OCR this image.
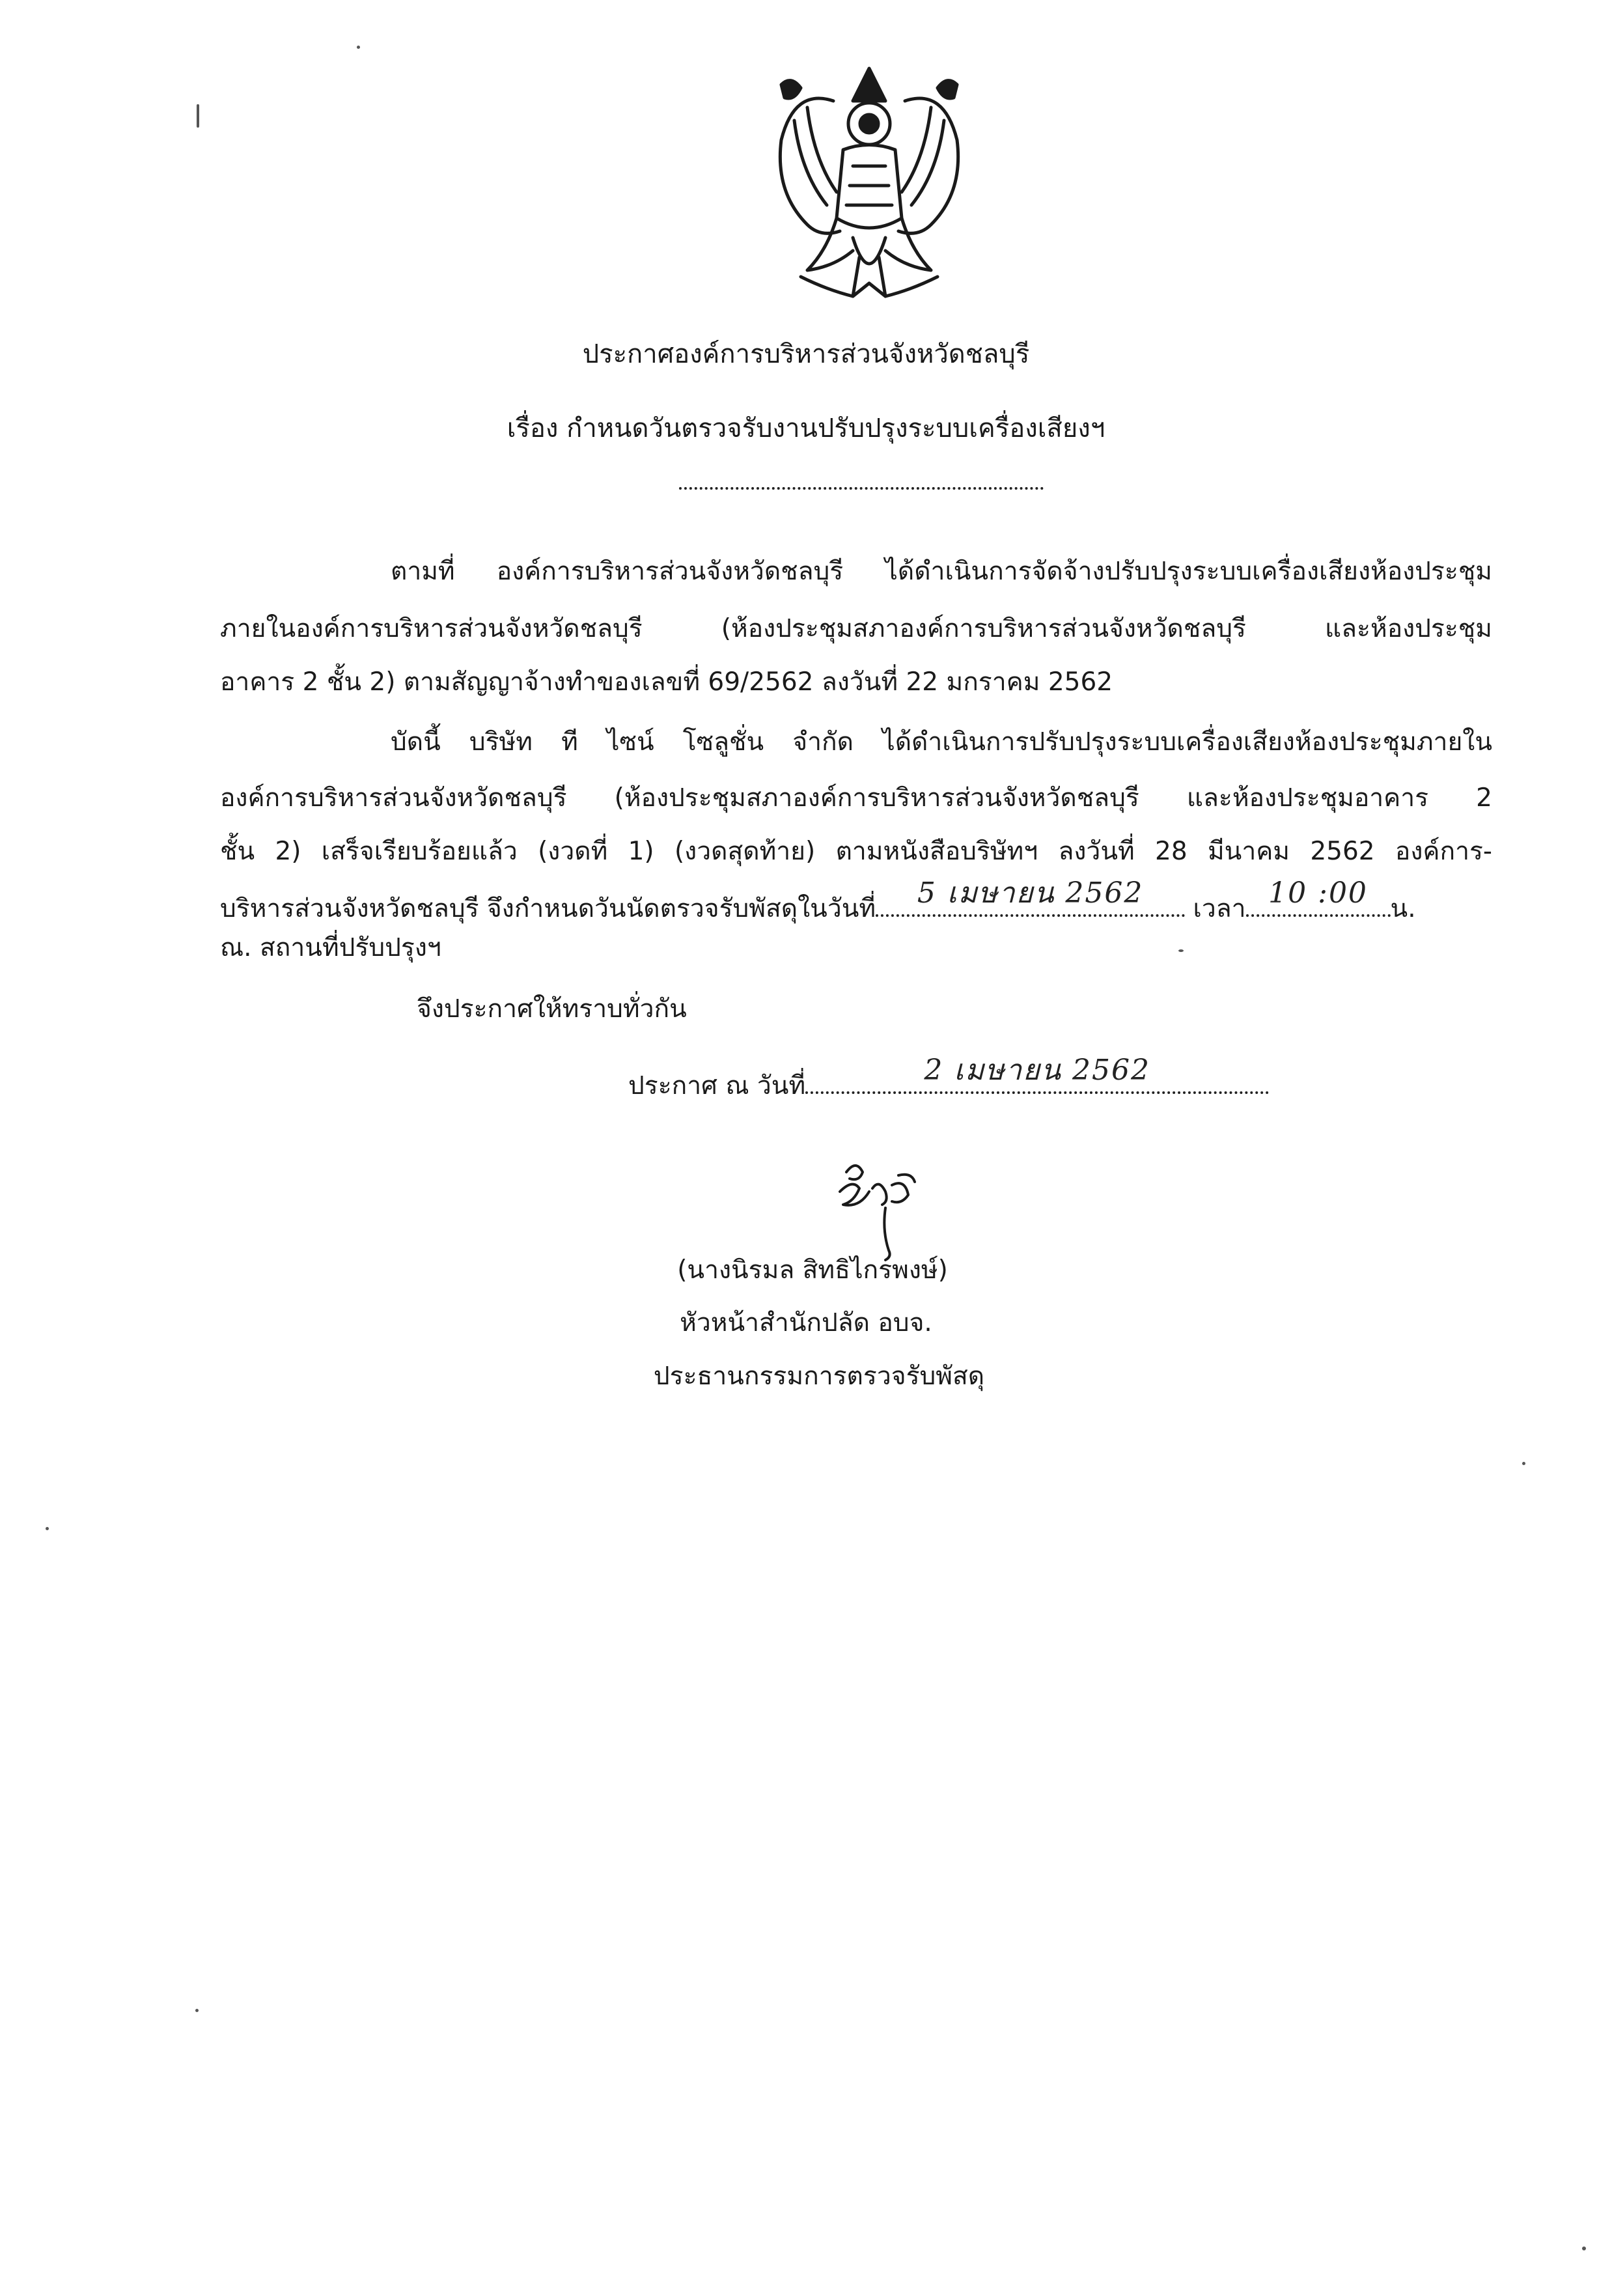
ประกาศองค์การบริหารส่วนจังหวัดชลบุรี
เรื่อง กำหนดวันตรวจรับงานปรับปรุงระบบเครื่องเสียงฯ
ตามที่ องค์การบริหารส่วนจังหวัดชลบุรี ได้ดำเนินการจัดจ้างปรับปรุงระบบเครื่องเสียงห้องประชุม
ภายในองค์การบริหารส่วนจังหวัดชลบุรี (ห้องประชุมสภาองค์การบริหารส่วนจังหวัดชลบุรี และห้องประชุม
อาคาร 2 ชั้น 2) ตามสัญญาจ้างทำของเลขที่ 69/2562 ลงวันที่ 22 มกราคม 2562
บัดนี้ บริษัท ที ไซน์ โซลูชั่น จำกัด ได้ดำเนินการปรับปรุงระบบเครื่องเสียงห้องประชุมภายใน
องค์การบริหารส่วนจังหวัดชลบุรี (ห้องประชุมสภาองค์การบริหารส่วนจังหวัดชลบุรี และห้องประชุมอาคาร 2
ชั้น 2) เสร็จเรียบร้อยแล้ว (งวดที่ 1) (งวดสุดท้าย) ตามหนังสือบริษัทฯ ลงวันที่ 28 มีนาคม 2562 องค์การ-
บริหารส่วนจังหวัดชลบุรี จึงกำหนดวันนัดตรวจรับพัสดุในวันที่	5 เมษายน 2562	เวลา 10 :00 น.
ณ. สถานที่ปรับปรุงฯ
จึงประกาศให้ทราบทั่วกัน
ประกาศ ณ วันที่	2 เมษายน 2562
(นางนิรมล สิทธิไกรพงษ์)
หัวหน้าสำนักปลัด อบจ.
ประธานกรรมการตรวจรับพัสดุ
